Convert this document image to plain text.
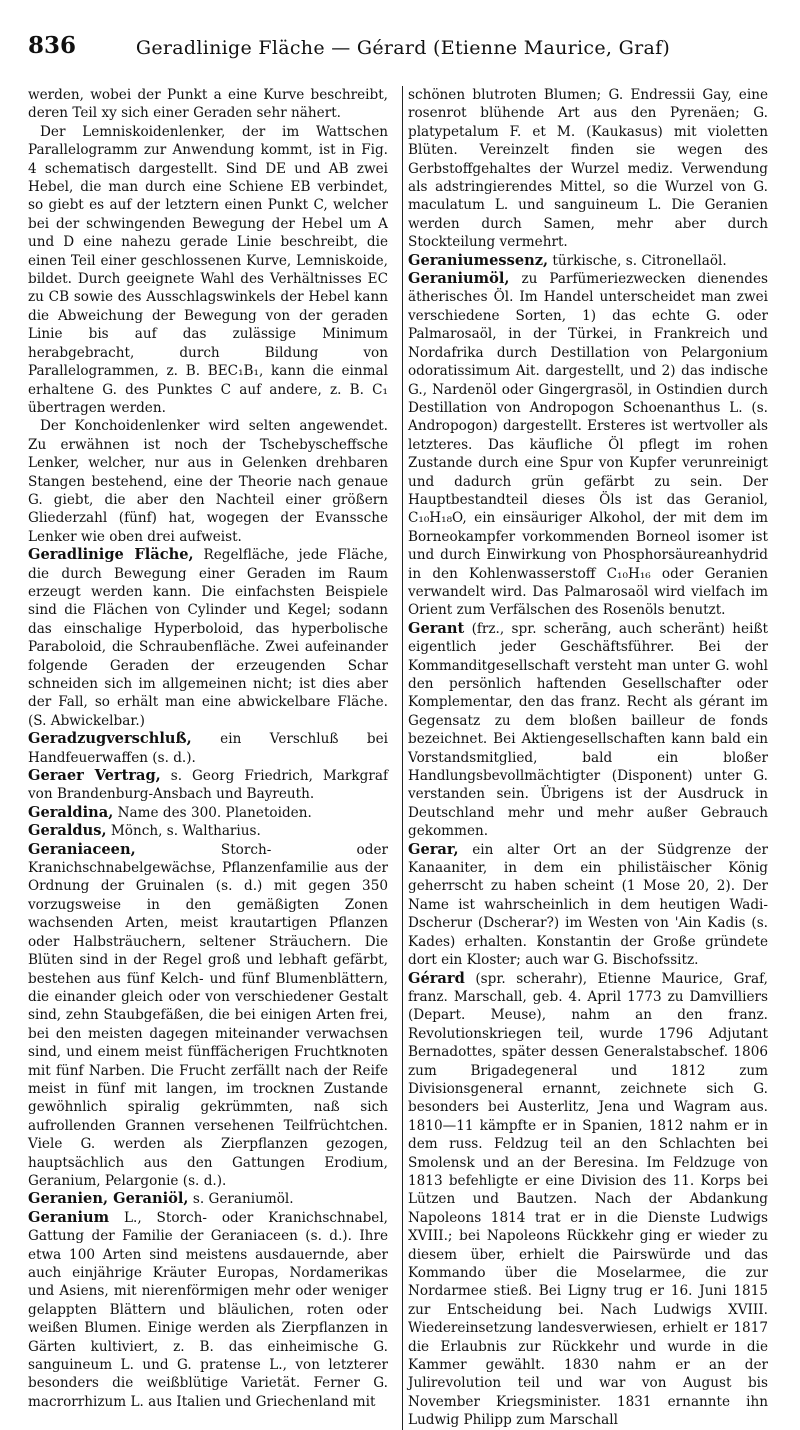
836	Geradlinige Fläche — Gérard (Etienne Maurice, Graf)

werden, wobei der Punkt a eine Kurve beschreibt, deren Teil xy sich einer Geraden sehr nähert.

Der Lemniskoidenlenker, der im Wattschen Parallelogramm zur Anwendung kommt, ist in Fig. 4 schematisch dargestellt. Sind DE und AB zwei Hebel, die man durch eine Schiene EB verbindet, so giebt es auf der letztern einen Punkt C, welcher bei der schwingenden Bewegung der Hebel um A und D eine nahezu gerade Linie beschreibt, die einen Teil einer geschlossenen Kurve, Lemniskoide, bildet. Durch geeignete Wahl des Verhältnisses EC zu CB sowie des Ausschlagswinkels der Hebel kann die Abweichung der Bewegung von der geraden Linie bis auf das zulässige Minimum herabgebracht, durch Bildung von Parallelogrammen, z. B. BEC₁B₁, kann die einmal erhaltene G. des Punktes C auf andere, z. B. C₁ übertragen werden.

Der Konchoidenlenker wird selten angewendet. Zu erwähnen ist noch der Tschebyscheffsche Lenker, welcher, nur aus in Gelenken drehbaren Stangen bestehend, eine der Theorie nach genaue G. giebt, die aber den Nachteil einer größern Gliederzahl (fünf) hat, wogegen der Evanssche Lenker wie oben drei aufweist.

Geradlinige Fläche, Regelfläche, jede Fläche, die durch Bewegung einer Geraden im Raum erzeugt werden kann. Die einfachsten Beispiele sind die Flächen von Cylinder und Kegel; sodann das einschalige Hyperboloid, das hyperbolische Paraboloid, die Schraubenfläche. Zwei aufeinander folgende Geraden der erzeugenden Schar schneiden sich im allgemeinen nicht; ist dies aber der Fall, so erhält man eine abwickelbare Fläche. (S. Abwickelbar.)

Geradzugverschluß, ein Verschluß bei Handfeuerwaffen (s. d.).

Geraer Vertrag, s. Georg Friedrich, Markgraf von Brandenburg-Ansbach und Bayreuth.

Geraldina, Name des 300. Planetoiden.

Geraldus, Mönch, s. Waltharius.

Geraniaceen, Storch- oder Kranichschnabelgewächse, Pflanzenfamilie aus der Ordnung der Gruinalen (s. d.) mit gegen 350 vorzugsweise in den gemäßigten Zonen wachsenden Arten, meist krautartigen Pflanzen oder Halbsträuchern, seltener Sträuchern. Die Blüten sind in der Regel groß und lebhaft gefärbt, bestehen aus fünf Kelch- und fünf Blumenblättern, die einander gleich oder von verschiedener Gestalt sind, zehn Staubgefäßen, die bei einigen Arten frei, bei den meisten dagegen miteinander verwachsen sind, und einem meist fünffächerigen Fruchtknoten mit fünf Narben. Die Frucht zerfällt nach der Reife meist in fünf mit langen, im trocknen Zustande gewöhnlich spiralig gekrümmten, naß sich aufrollenden Grannen versehenen Teilfrüchtchen. Viele G. werden als Zierpflanzen gezogen, hauptsächlich aus den Gattungen Erodium, Geranium, Pelargonie (s. d.).

Geranien, Geraniöl, s. Geraniumöl.

Geranium L., Storch- oder Kranichschnabel, Gattung der Familie der Geraniaceen (s. d.). Ihre etwa 100 Arten sind meistens ausdauernde, aber auch einjährige Kräuter Europas, Nordamerikas und Asiens, mit nierenförmigen mehr oder weniger gelappten Blättern und bläulichen, roten oder weißen Blumen. Einige werden als Zierpflanzen in Gärten kultiviert, z. B. das einheimische G. sanguineum L. und G. pratense L., von letzterer besonders die weißblütige Varietät. Ferner G. macrorrhizum L. aus Italien und Griechenland mit

schönen blutroten Blumen; G. Endressii Gay, eine rosenrot blühende Art aus den Pyrenäen; G. platypetalum F. et M. (Kaukasus) mit violetten Blüten. Vereinzelt finden sie wegen des Gerbstoffgehaltes der Wurzel mediz. Verwendung als adstringierendes Mittel, so die Wurzel von G. maculatum L. und sanguineum L. Die Geranien werden durch Samen, mehr aber durch Stockteilung vermehrt.

Geraniumessenz, türkische, s. Citronellaöl.

Geraniumöl, zu Parfümeriezwecken dienendes ätherisches Öl. Im Handel unterscheidet man zwei verschiedene Sorten, 1) das echte G. oder Palmarosaöl, in der Türkei, in Frankreich und Nordafrika durch Destillation von Pelargonium odoratissimum Ait. dargestellt, und 2) das indische G., Nardenöl oder Gingergrasöl, in Ostindien durch Destillation von Andropogon Schoenanthus L. (s. Andropogon) dargestellt. Ersteres ist wertvoller als letzteres. Das käufliche Öl pflegt im rohen Zustande durch eine Spur von Kupfer verunreinigt und dadurch grün gefärbt zu sein. Der Hauptbestandteil dieses Öls ist das Geraniol, C₁₀H₁₈O, ein einsäuriger Alkohol, der mit dem im Borneokampfer vorkommenden Borneol isomer ist und durch Einwirkung von Phosphorsäureanhydrid in den Kohlenwasserstoff C₁₀H₁₆ oder Geranien verwandelt wird. Das Palmarosaöl wird vielfach im Orient zum Verfälschen des Rosenöls benutzt.

Gerant (frz., spr. scherāng, auch scheränt) heißt eigentlich jeder Geschäftsführer. Bei der Kommanditgesellschaft versteht man unter G. wohl den persönlich haftenden Gesellschafter oder Komplementar, den das franz. Recht als gérant im Gegensatz zu dem bloßen bailleur de fonds bezeichnet. Bei Aktiengesellschaften kann bald ein Vorstandsmitglied, bald ein bloßer Handlungsbevollmächtigter (Disponent) unter G. verstanden sein. Übrigens ist der Ausdruck in Deutschland mehr und mehr außer Gebrauch gekommen.

Gerar, ein alter Ort an der Südgrenze der Kanaaniter, in dem ein philistäischer König geherrscht zu haben scheint (1 Mose 20, 2). Der Name ist wahrscheinlich in dem heutigen Wadi-Dscherur (Dscherar?) im Westen von 'Ain Kadis (s. Kades) erhalten. Konstantin der Große gründete dort ein Kloster; auch war G. Bischofssitz.

Gérard (spr. scherahr), Etienne Maurice, Graf, franz. Marschall, geb. 4. April 1773 zu Damvilliers (Depart. Meuse), nahm an den franz. Revolutionskriegen teil, wurde 1796 Adjutant Bernadottes, später dessen Generalstabschef. 1806 zum Brigadegeneral und 1812 zum Divisionsgeneral ernannt, zeichnete sich G. besonders bei Austerlitz, Jena und Wagram aus. 1810—11 kämpfte er in Spanien, 1812 nahm er in dem russ. Feldzug teil an den Schlachten bei Smolensk und an der Beresina. Im Feldzuge von 1813 befehligte er eine Division des 11. Korps bei Lützen und Bautzen. Nach der Abdankung Napoleons 1814 trat er in die Dienste Ludwigs XVIII.; bei Napoleons Rückkehr ging er wieder zu diesem über, erhielt die Pairswürde und das Kommando über die Moselarmee, die zur Nordarmee stieß. Bei Ligny trug er 16. Juni 1815 zur Entscheidung bei. Nach Ludwigs XVIII. Wiedereinsetzung landesverwiesen, erhielt er 1817 die Erlaubnis zur Rückkehr und wurde in die Kammer gewählt. 1830 nahm er an der Julirevolution teil und war von August bis November Kriegsminister. 1831 ernannte ihn Ludwig Philipp zum Marschall
